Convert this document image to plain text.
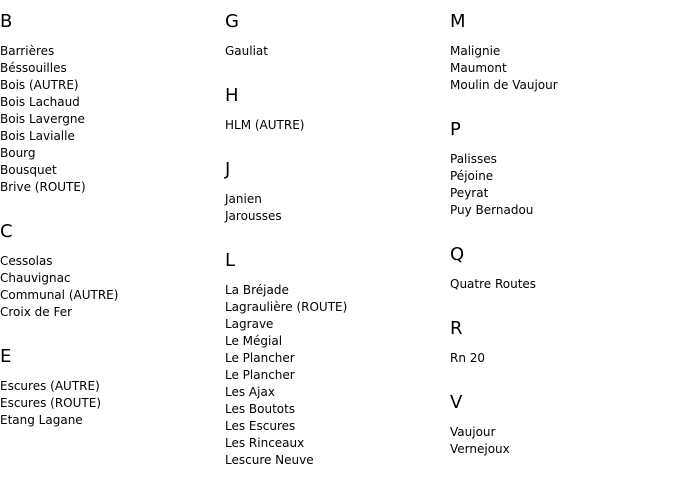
B
Barrières
Béssouilles
Bois (AUTRE)
Bois Lachaud
Bois Lavergne
Bois Lavialle
Bourg
Bousquet
Brive (ROUTE)
C
Cessolas
Chauvignac
Communal (AUTRE)
Croix de Fer
E
Escures (AUTRE)
Escures (ROUTE)
Etang Lagane
G
Gauliat
H
HLM (AUTRE)
J
Janien
Jarousses
L
La Bréjade
Lagraulière (ROUTE)
Lagrave
Le Mégial
Le Plancher
Le Plancher
Les Ajax
Les Boutots
Les Escures
Les Rinceaux
Lescure Neuve
M
Malignie
Maumont
Moulin de Vaujour
P
Palisses
Péjoine
Peyrat
Puy Bernadou
Q
Quatre Routes
R
Rn 20
V
Vaujour
Vernejoux
